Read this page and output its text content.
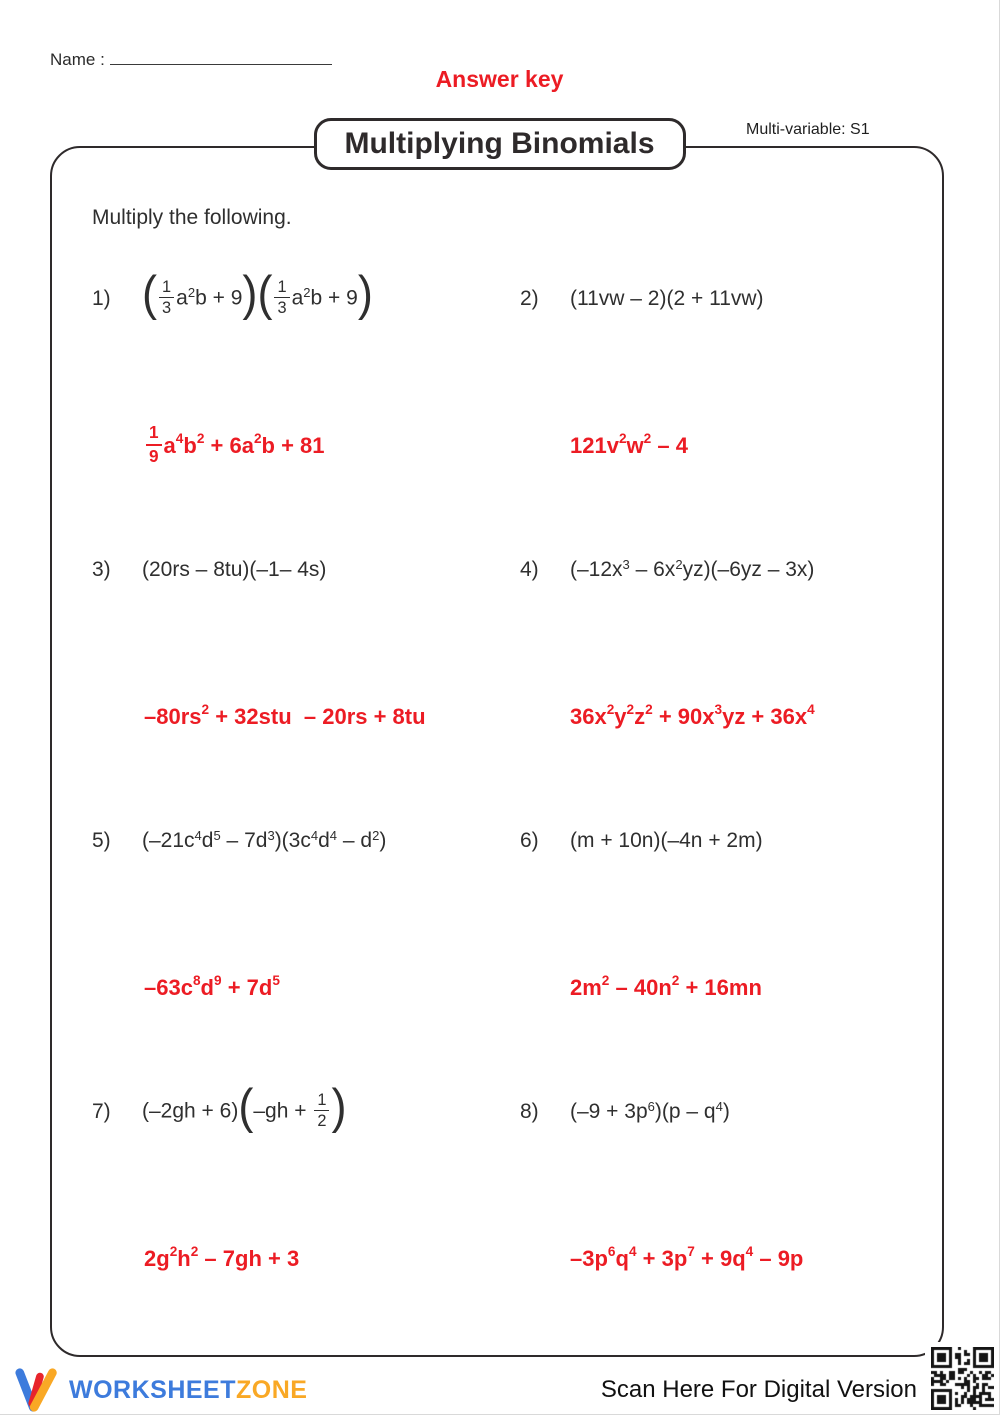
Name :
Answer key
Multiplying Binomials	Multi-variable: S1
Multiply the following.
1) ( $\frac{1}{3} a^2b + 9)( \frac{1}{3} a^2b + 9)$
$\frac{1}{9} a^4$ $b^2 + 6a^2$ b + 81
2)	(11vw – 2)(2 + 11vw)
$121v^2$ $w^2 - 4$
3)	(20rs – 8tu)(–1– 4s)
$-80rs^2 + 32stu - 20rs + 8tu$
4)	$(-12x^3 - 6x^2yz)(-6yz - 3x)$
$36x^2$ $y^2$ $z^2 + 90x^3$ yz + $36x^4$
5)	$(-21c^4d^5 - 7d^3)(3c^4d^4 - d^2)$
$-63c^8$ $d^9 + 7d^5$
6)	(m + 10n)(–4n + 2m)
$2m^2 - 40n^2 + 16mn$
7)	$(-2gh + 6)(-gh + \frac{1}{2}$ )
$2g^2$ $h^2 - 7gh + 3$
8)	$(-9 + 3p^6)(p - q^4)$
$-3p^6$ $q^4 + 3p^7 + 9q^4 - 9p$
WORKSHEETZONE	Scan Here For Digital Version
